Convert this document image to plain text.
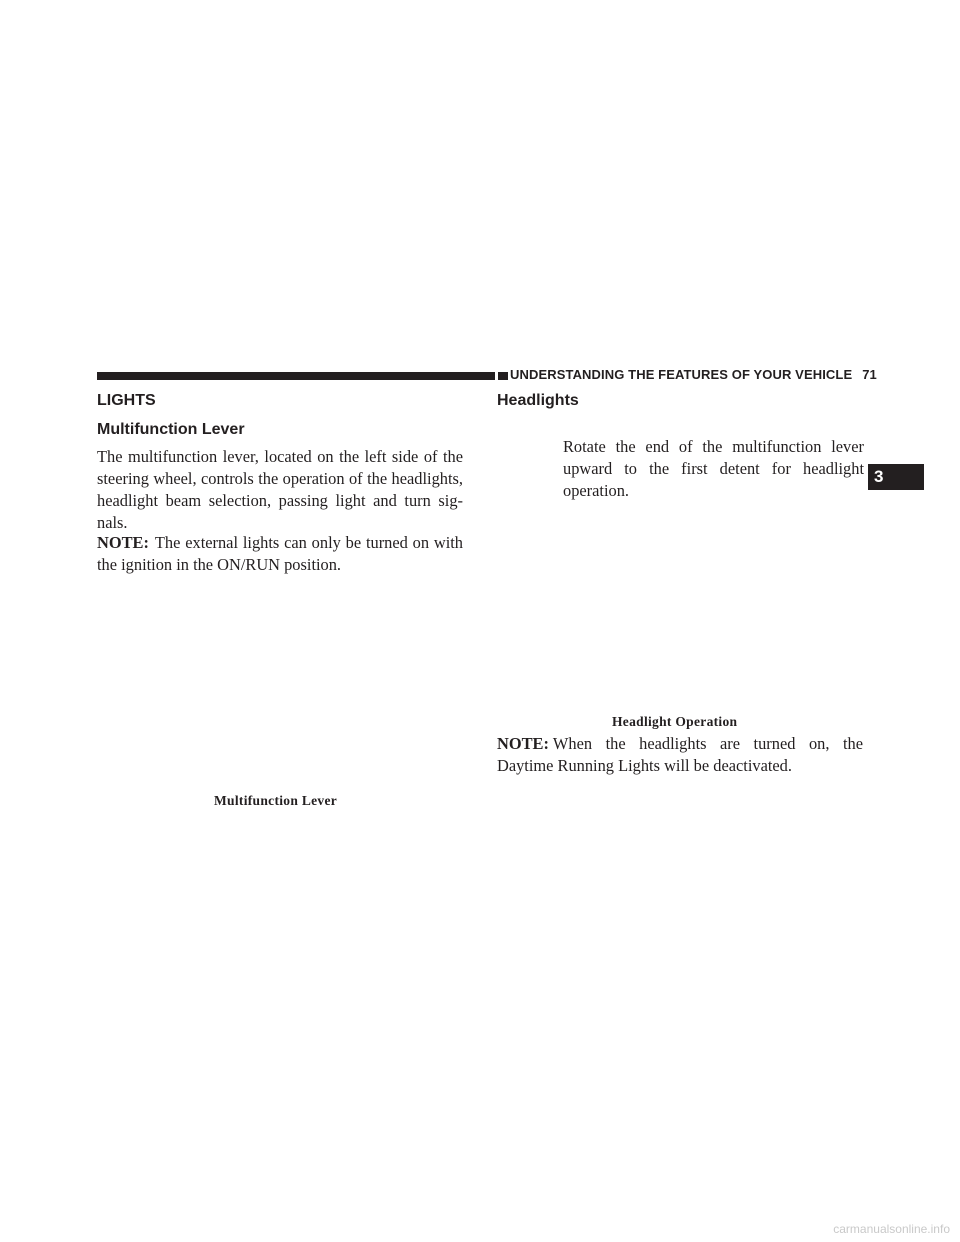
UNDERSTANDING THE FEATURES OF YOUR VEHICLE 71
3
LIGHTS
Multifunction Lever
The multifunction lever, located on the left side of the steering wheel, controls the operation of the headlights, headlight beam selection, passing light and turn sig-nals.
NOTE: The external lights can only be turned on with the ignition in the ON/RUN position.
Multifunction Lever
Headlights
Rotate the end of the multifunction lever upward to the first detent for headlight operation.
Headlight Operation
NOTE: When the headlights are turned on, the Daytime Running Lights will be deactivated.
carmanualsonline.info
